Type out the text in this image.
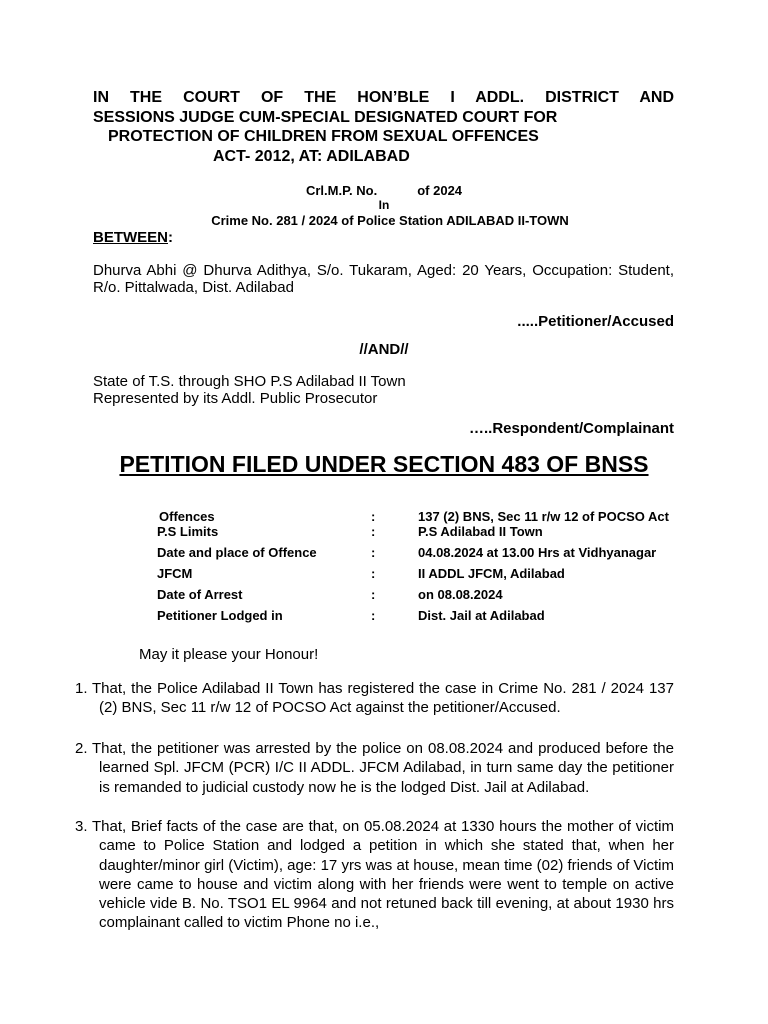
IN THE COURT OF THE HON’BLE I ADDL. DISTRICT AND
SESSIONS JUDGE CUM-SPECIAL DESIGNATED COURT FOR
PROTECTION OF CHILDREN FROM SEXUAL OFFENCES
ACT- 2012, AT: ADILABAD
Crl.M.P. No.	of 2024
In
Crime No. 281 / 2024 of Police Station ADILABAD II-TOWN
BETWEEN:
Dhurva Abhi @ Dhurva Adithya, S/o. Tukaram, Aged: 20 Years, Occupation: Student, R/o. Pittalwada, Dist. Adilabad
.....Petitioner/Accused
//AND//
State of T.S. through SHO P.S Adilabad II Town
Represented by its Addl. Public Prosecutor
…..Respondent/Complainant
PETITION FILED UNDER SECTION 483 OF BNSS
Offences	:	137 (2) BNS, Sec 11 r/w 12 of POCSO Act
P.S Limits	:	P.S Adilabad II Town
Date and place of Offence	:	04.08.2024 at 13.00 Hrs at Vidhyanagar
JFCM	:	II ADDL JFCM, Adilabad
Date of Arrest	:	on 08.08.2024
Petitioner Lodged in	:	Dist. Jail at Adilabad
May it please your Honour!
1. That, the Police Adilabad II Town has registered the case in Crime No. 281 / 2024 137 (2) BNS, Sec 11 r/w 12 of POCSO Act against the petitioner/Accused.
2. That, the petitioner was arrested by the police on 08.08.2024 and produced before the learned Spl. JFCM (PCR) I/C II ADDL. JFCM Adilabad, in turn same day the petitioner is remanded to judicial custody now he is the lodged Dist. Jail at Adilabad.
3. That, Brief facts of the case are that, on 05.08.2024 at 1330 hours the mother of victim came to Police Station and lodged a petition in which she stated that, when her daughter/minor girl (Victim), age: 17 yrs was at house, mean time (02) friends of Victim were came to house and victim along with her friends were went to temple on active vehicle vide B. No. TSO1 EL 9964 and not retuned back till evening, at about 1930 hrs complainant called to victim Phone no i.e.,
